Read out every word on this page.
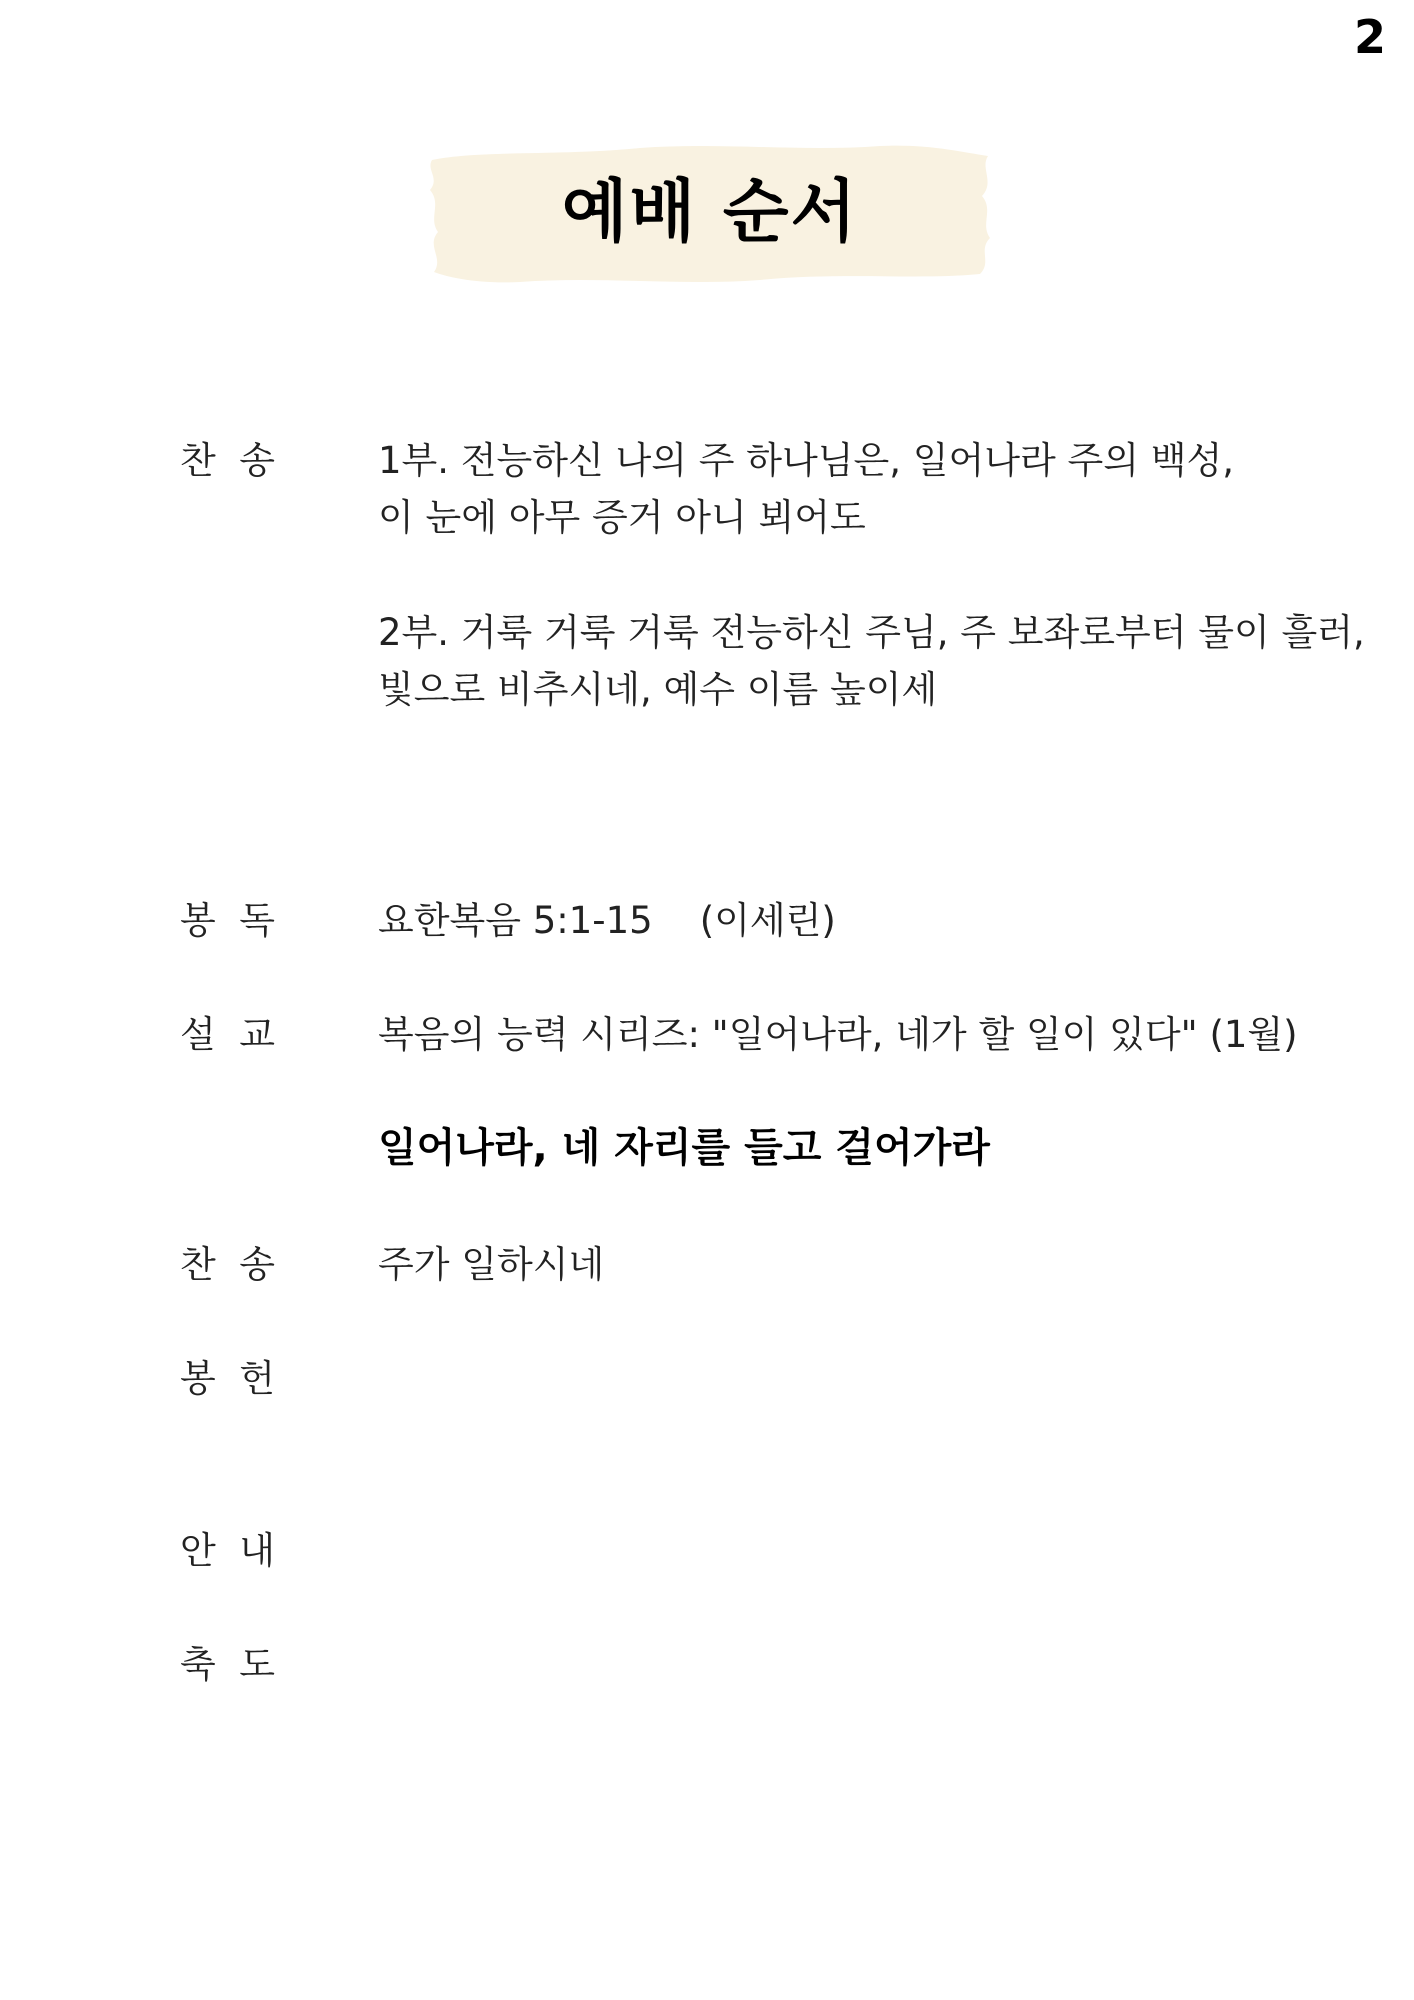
2
예배 순서
찬  송	1부. 전능하신 나의 주 하나님은, 일어나라 주의 백성,

이 눈에 아무 증거 아니 뵈어도

2부. 거룩 거룩 거룩 전능하신 주님, 주 보좌로부터 물이 흘러,

빛으로 비추시네, 예수 이름 높이세

봉  독	요한복음 5:1-15    (이세린)
설  교	복음의 능력 시리즈: "일어나라, 네가 할 일이 있다" (1월)
일어나라, 네 자리를 들고 걸어가라
찬  송	주가 일하시네
봉  헌
안  내
축  도
